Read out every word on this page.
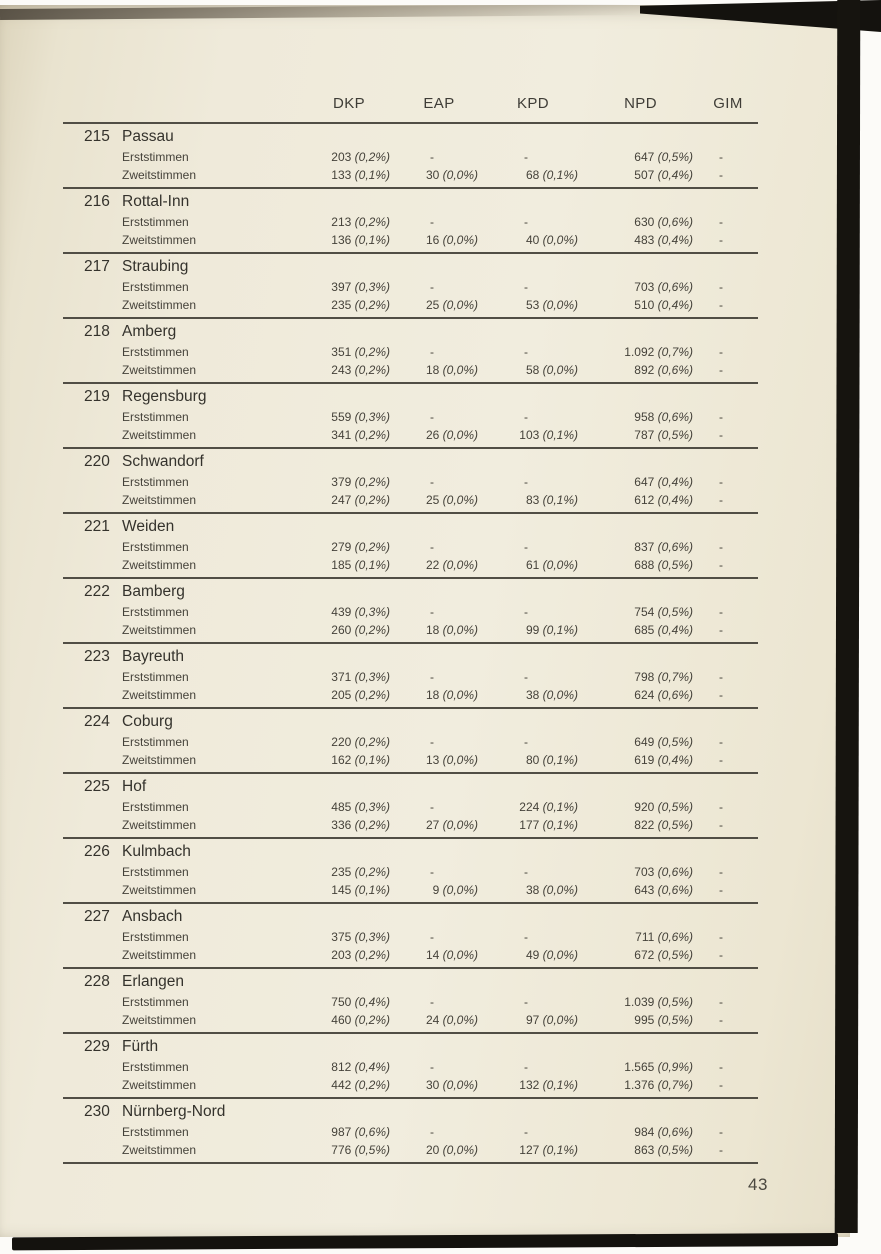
DKP	EAP	KPD	NPD	GIM
215 Passau
Erststimmen	203 (0,2%)	-	-	647 (0,5%)	-
Zweitstimmen	133 (0,1%)	30 (0,0%)	68 (0,1%)	507 (0,4%)	-
216 Rottal-Inn
Erststimmen	213 (0,2%)	-	-	630 (0,6%)	-
Zweitstimmen	136 (0,1%)	16 (0,0%)	40 (0,0%)	483 (0,4%)	-
217 Straubing
Erststimmen	397 (0,3%)	-	-	703 (0,6%)	-
Zweitstimmen	235 (0,2%)	25 (0,0%)	53 (0,0%)	510 (0,4%)	-
218 Amberg
Erststimmen	351 (0,2%)	-	-	1.092 (0,7%)	-
Zweitstimmen	243 (0,2%)	18 (0,0%)	58 (0,0%)	892 (0,6%)	-
219 Regensburg
Erststimmen	559 (0,3%)	-	-	958 (0,6%)	-
Zweitstimmen	341 (0,2%)	26 (0,0%)	103 (0,1%)	787 (0,5%)	-
220 Schwandorf
Erststimmen	379 (0,2%)	-	-	647 (0,4%)	-
Zweitstimmen	247 (0,2%)	25 (0,0%)	83 (0,1%)	612 (0,4%)	-
221 Weiden
Erststimmen	279 (0,2%)	-	-	837 (0,6%)	-
Zweitstimmen	185 (0,1%)	22 (0,0%)	61 (0,0%)	688 (0,5%)	-
222 Bamberg
Erststimmen	439 (0,3%)	-	-	754 (0,5%)	-
Zweitstimmen	260 (0,2%)	18 (0,0%)	99 (0,1%)	685 (0,4%)	-
223 Bayreuth
Erststimmen	371 (0,3%)	-	-	798 (0,7%)	-
Zweitstimmen	205 (0,2%)	18 (0,0%)	38 (0,0%)	624 (0,6%)	-
224 Coburg
Erststimmen	220 (0,2%)	-	-	649 (0,5%)	-
Zweitstimmen	162 (0,1%)	13 (0,0%)	80 (0,1%)	619 (0,4%)	-
225 Hof
Erststimmen	485 (0,3%)	-	224 (0,1%)	920 (0,5%)	-
Zweitstimmen	336 (0,2%)	27 (0,0%)	177 (0,1%)	822 (0,5%)	-
226 Kulmbach
Erststimmen	235 (0,2%)	-	-	703 (0,6%)	-
Zweitstimmen	145 (0,1%)	9 (0,0%)	38 (0,0%)	643 (0,6%)	-
227 Ansbach
Erststimmen	375 (0,3%)	-	-	711 (0,6%)	-
Zweitstimmen	203 (0,2%)	14 (0,0%)	49 (0,0%)	672 (0,5%)	-
228 Erlangen
Erststimmen	750 (0,4%)	-	-	1.039 (0,5%)	-
Zweitstimmen	460 (0,2%)	24 (0,0%)	97 (0,0%)	995 (0,5%)	-
229 Fürth
Erststimmen	812 (0,4%)	-	-	1.565 (0,9%)	-
Zweitstimmen	442 (0,2%)	30 (0,0%)	132 (0,1%)	1.376 (0,7%)	-
230 Nürnberg-Nord
Erststimmen	987 (0,6%)	-	-	984 (0,6%)	-
Zweitstimmen	776 (0,5%)	20 (0,0%)	127 (0,1%)	863 (0,5%)	-
43
